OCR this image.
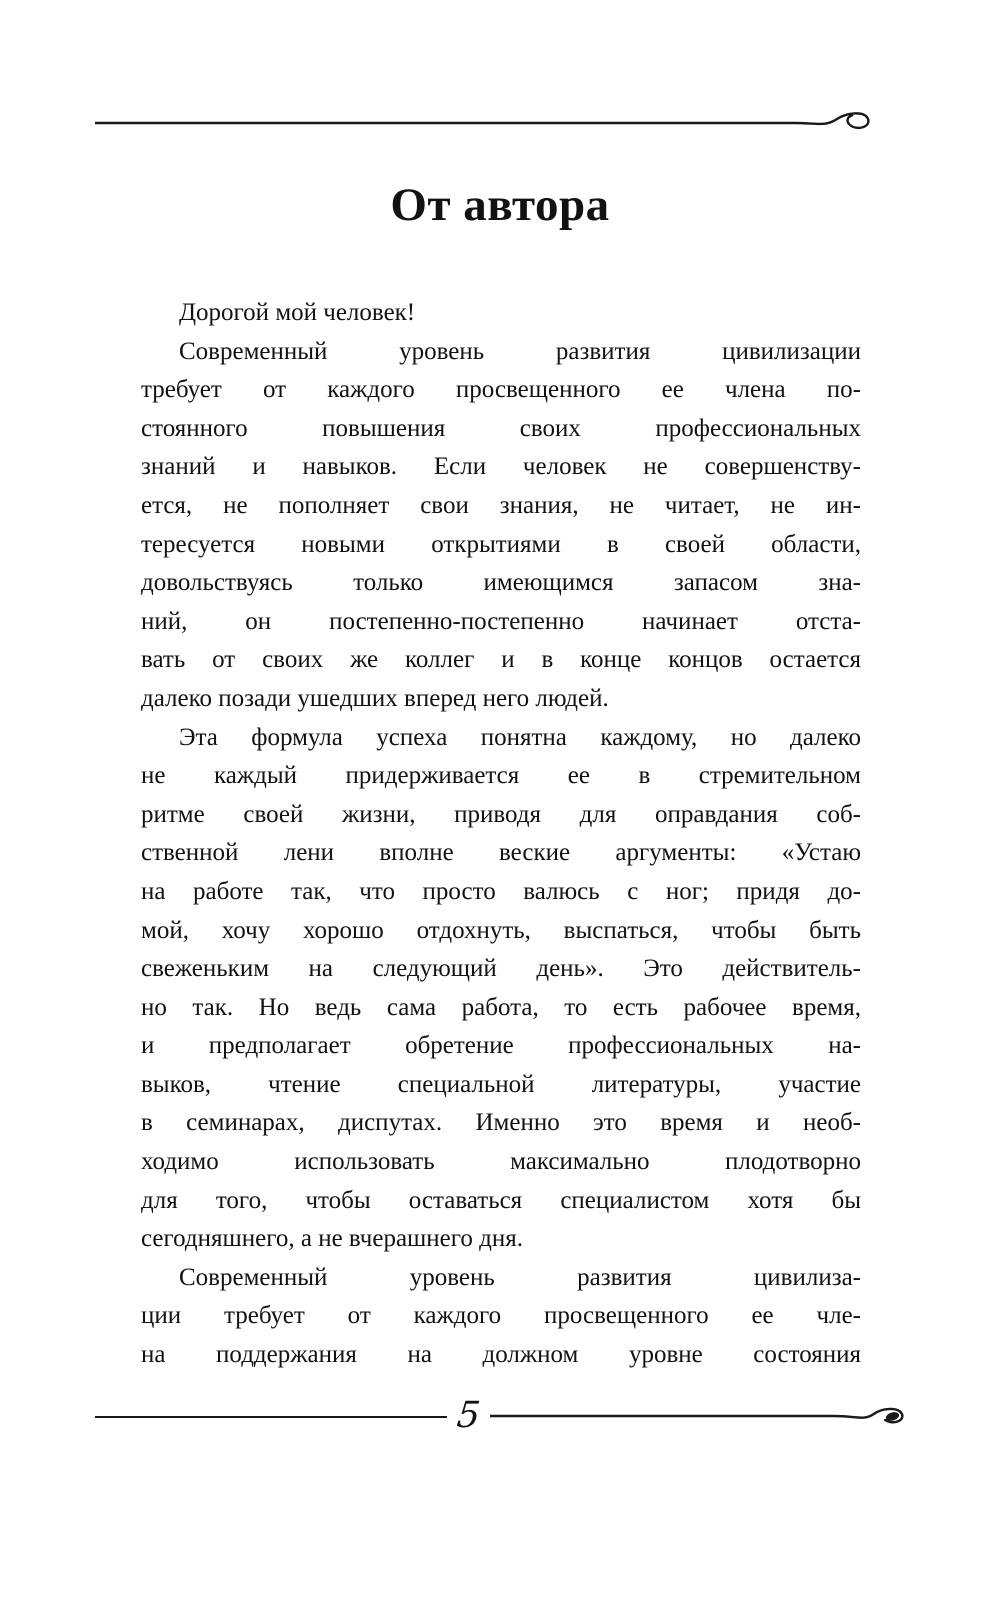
От автора
Дорогой мой человек!
Современный уровень развития цивилизации
требует от каждого просвещенного ее члена по-
стоянного повышения своих профессиональных
знаний и навыков. Если человек не совершенству-
ется, не пополняет свои знания, не читает, не ин-
тересуется новыми открытиями в своей области,
довольствуясь только имеющимся запасом зна-
ний, он постепенно-постепенно начинает отста-
вать от своих же коллег и в конце концов остается
далеко позади ушедших вперед него людей.
Эта формула успеха понятна каждому, но далеко
не каждый придерживается ее в стремительном
ритме своей жизни, приводя для оправдания соб-
ственной лени вполне веские аргументы: «Устаю
на работе так, что просто валюсь с ног; придя до-
мой, хочу хорошо отдохнуть, выспаться, чтобы быть
свеженьким на следующий день». Это действитель-
но так. Но ведь сама работа, то есть рабочее время,
и предполагает обретение профессиональных на-
выков, чтение специальной литературы, участие
в семинарах, диспутах. Именно это время и необ-
ходимо использовать максимально плодотворно
для того, чтобы оставаться специалистом хотя бы
сегодняшнего, а не вчерашнего дня.
Современный уровень развития цивилиза-
ции требует от каждого просвещенного ее чле-
на поддержания на должном уровне состояния
5
